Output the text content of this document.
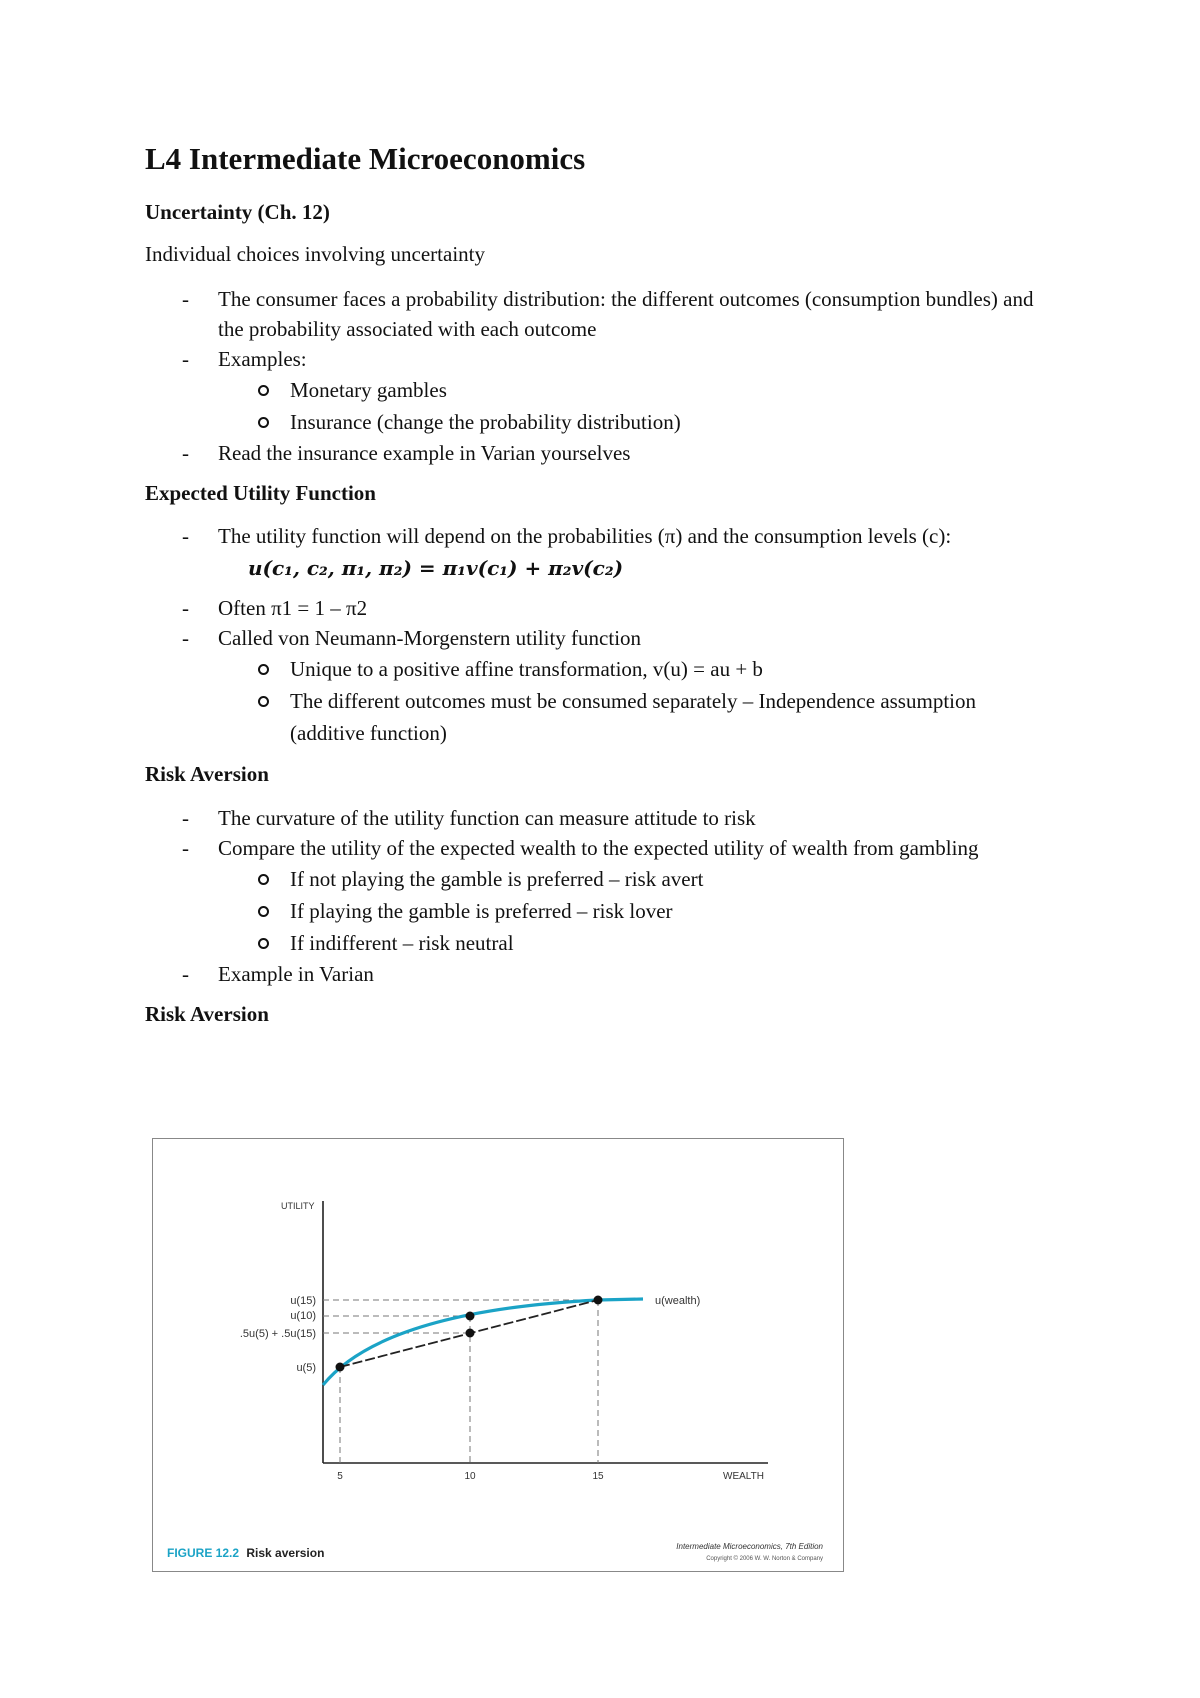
L4 Intermediate Microeconomics
Uncertainty (Ch. 12)

Individual choices involving uncertainty

- The consumer faces a probability distribution: the different outcomes (consumption bundles) and the probability associated with each outcome
- Examples:
Monetary gambles
Insurance (change the probability distribution)
- Read the insurance example in Varian yourselves
Expected Utility Function
- The utility function will depend on the probabilities (π) and the consumption levels (c):u(c₁, c₂, π₁, π₂) = π₁v(c₁) + π₂v(c₂)
- Often π1 = 1 – π2
- Called von Neumann-Morgenstern utility function
Unique to a positive affine transformation, v(u) = au + b
The different outcomes must be consumed separately – Independence assumption (additive function)
Risk Aversion
- The curvature of the utility function can measure attitude to risk
- Compare the utility of the expected wealth to the expected utility of wealth from gambling
If not playing the gamble is preferred – risk avert
If playing the gamble is preferred – risk lover
If indifferent – risk neutral
- Example in Varian
Risk Aversion
UTILITY
WEALTH
u(15)
u(10)
.5u(5) + .5u(15)
u(5)
u(wealth)
5	10	15
FIGURE 12.2 Risk aversion	Intermediate Microeconomics, 7th Edition
Copyright © 2006 W. W. Norton & Company
